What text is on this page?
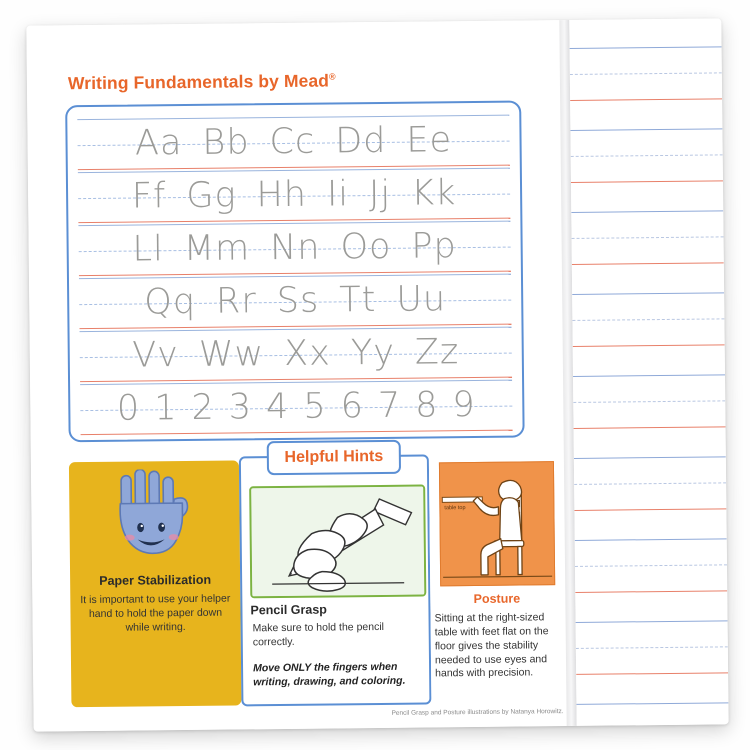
Writing Fundamentals by Mead®
Aa Bb Cc Dd Ee
Ff Gg Hh Ii Jj Kk
Ll Mm Nn Oo Pp
Qq Rr Ss Tt Uu
Vv Ww Xx Yy Zz
0 1 2 3 4 5 6 7 8 9
Helpful Hints
Paper Stabilization
It is important to use your helper hand to hold the paper down while writing.
Pencil Grasp
Make sure to hold the pencil correctly.
Move ONLY the fingers when writing, drawing, and coloring.
table top
Posture
Sitting at the right-sized table with feet flat on the floor gives the stability needed to use eyes and hands with precision.
Pencil Grasp and Posture illustrations by Natanya Horowitz.
